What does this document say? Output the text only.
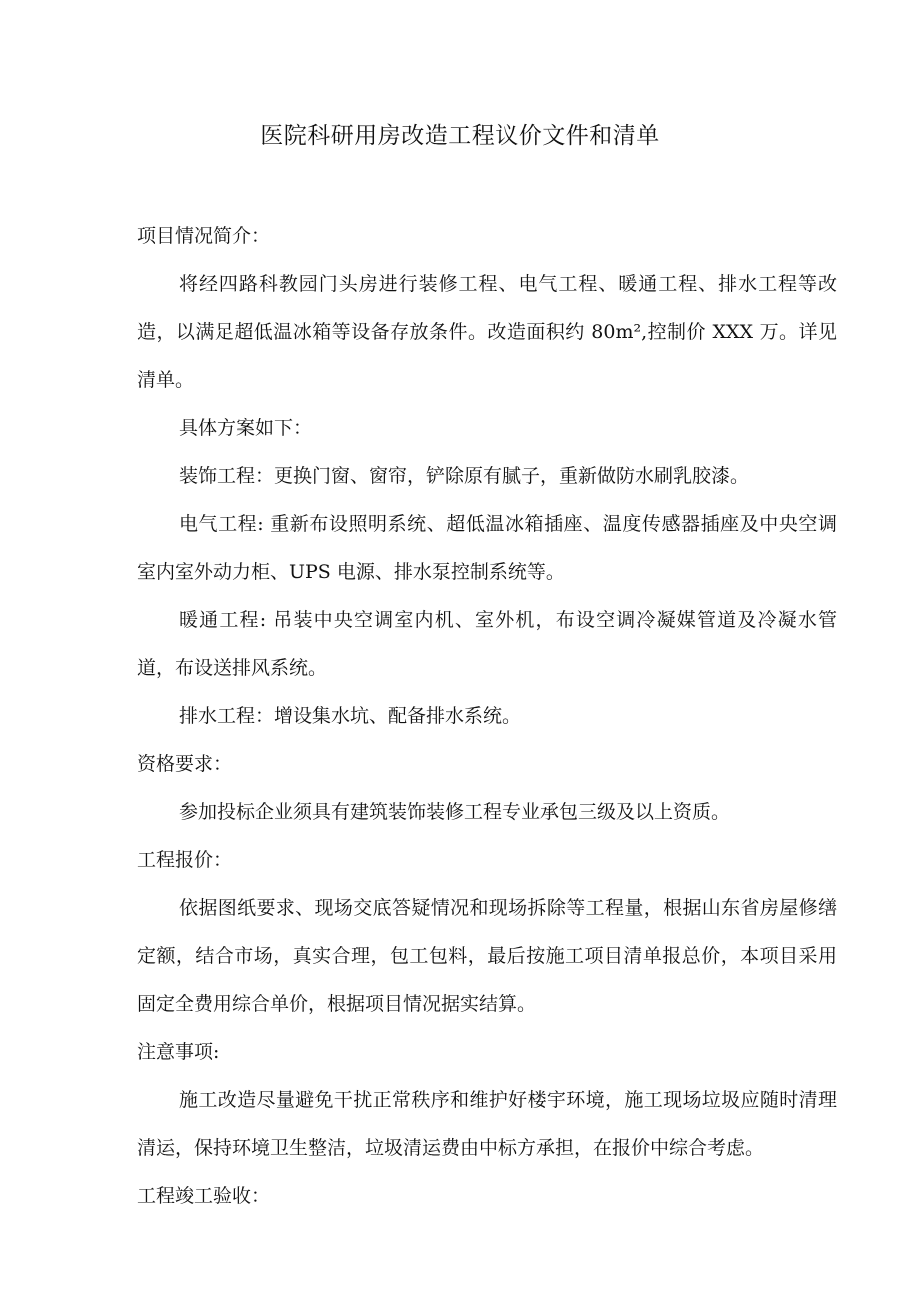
医院科研用房改造工程议价文件和清单

项目情况简介：

将经四路科教园门头房进行装修工程、电气工程、暖通工程、排水工程等改造，以满足超低温冰箱等设备存放条件。改造面积约 80m²,控制价 XXX 万。详见清单。

具体方案如下：

装饰工程：更换门窗、窗帘，铲除原有腻子，重新做防水刷乳胶漆。

电气工程: 重新布设照明系统、超低温冰箱插座、温度传感器插座及中央空调室内室外动力柜、UPS 电源、排水泵控制系统等。

暖通工程: 吊装中央空调室内机、室外机，布设空调冷凝媒管道及冷凝水管道，布设送排风系统。

排水工程：增设集水坑、配备排水系统。

资格要求：

参加投标企业须具有建筑装饰装修工程专业承包三级及以上资质。

工程报价：

依据图纸要求、现场交底答疑情况和现场拆除等工程量，根据山东省房屋修缮定额，结合市场，真实合理，包工包料，最后按施工项目清单报总价，本项目采用固定全费用综合单价，根据项目情况据实结算。

注意事项:

施工改造尽量避免干扰正常秩序和维护好楼宇环境，施工现场垃圾应随时清理清运，保持环境卫生整洁，垃圾清运费由中标方承担，在报价中综合考虑。

工程竣工验收：
